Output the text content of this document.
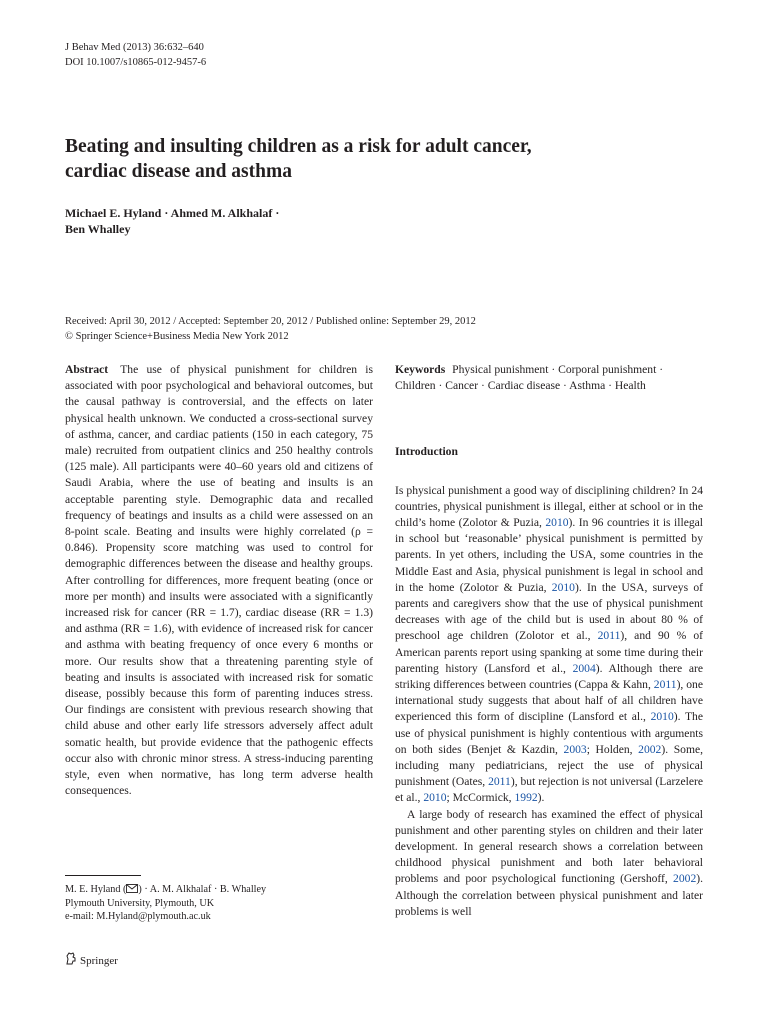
J Behav Med (2013) 36:632–640
DOI 10.1007/s10865-012-9457-6
Beating and insulting children as a risk for adult cancer,
cardiac disease and asthma
Michael E. Hyland · Ahmed M. Alkhalaf ·
Ben Whalley
Received: April 30, 2012 / Accepted: September 20, 2012 / Published online: September 29, 2012
© Springer Science+Business Media New York 2012

Abstract The use of physical punishment for children is associated with poor psychological and behavioral outcomes, but the causal pathway is controversial, and the effects on later physical health unknown. We conducted a cross-sectional survey of asthma, cancer, and cardiac patients (150 in each category, 75 male) recruited from outpatient clinics and 250 healthy controls (125 male). All participants were 40–60 years old and citizens of Saudi Arabia, where the use of beating and insults is an acceptable parenting style. Demographic data and recalled frequency of beatings and insults as a child were assessed on an 8-point scale. Beating and insults were highly correlated (ρ = 0.846). Propensity score matching was used to control for demographic differences between the disease and healthy groups. After controlling for differences, more frequent beating (once or more per month) and insults were associated with a significantly increased risk for cancer (RR = 1.7), cardiac disease (RR = 1.3) and asthma (RR = 1.6), with evidence of increased risk for cancer and asthma with beating frequency of once every 6 months or more. Our results show that a threatening parenting style of beating and insults is associated with increased risk for somatic disease, possibly because this form of parenting induces stress. Our findings are consistent with previous research showing that child abuse and other early life stressors adversely affect adult somatic health, but provide evidence that the pathogenic effects occur also with chronic minor stress. A stress-inducing parenting style, even when normative, has long term adverse health consequences.

Keywords Physical punishment · Corporal punishment · Children · Cancer · Cardiac disease · Asthma · Health

Introduction

Is physical punishment a good way of disciplining children? In 24 countries, physical punishment is illegal, either at school or in the child’s home (Zolotor & Puzia, 2010). In 96 countries it is illegal in school but ‘reasonable’ physical punishment is permitted by parents. In yet others, including the USA, some countries in the Middle East and Asia, physical punishment is legal in school and in the home (Zolotor & Puzia, 2010). In the USA, surveys of parents and caregivers show that the use of physical punishment decreases with age of the child but is used in about 80 % of preschool age children (Zolotor et al., 2011), and 90 % of American parents report using spanking at some time during their parenting history (Lansford et al., 2004). Although there are striking differences between countries (Cappa & Kahn, 2011), one international study suggests that about half of all children have experienced this form of discipline (Lansford et al., 2010). The use of physical punishment is highly contentious with arguments on both sides (Benjet & Kazdin, 2003; Holden, 2002). Some, including many pediatricians, reject the use of physical punishment (Oates, 2011), but rejection is not universal (Larzelere et al., 2010; McCormick, 1992).

A large body of research has examined the effect of physical punishment and other parenting styles on children and their later development. In general research shows a correlation between childhood physical punishment and both later behavioral problems and poor psychological functioning (Gershoff, 2002). Although the correlation between physical punishment and later problems is well

M. E. Hyland ( ) · A. M. Alkhalaf · B. Whalley
Plymouth University, Plymouth, UK
e-mail: M.Hyland@plymouth.ac.uk
Springer
